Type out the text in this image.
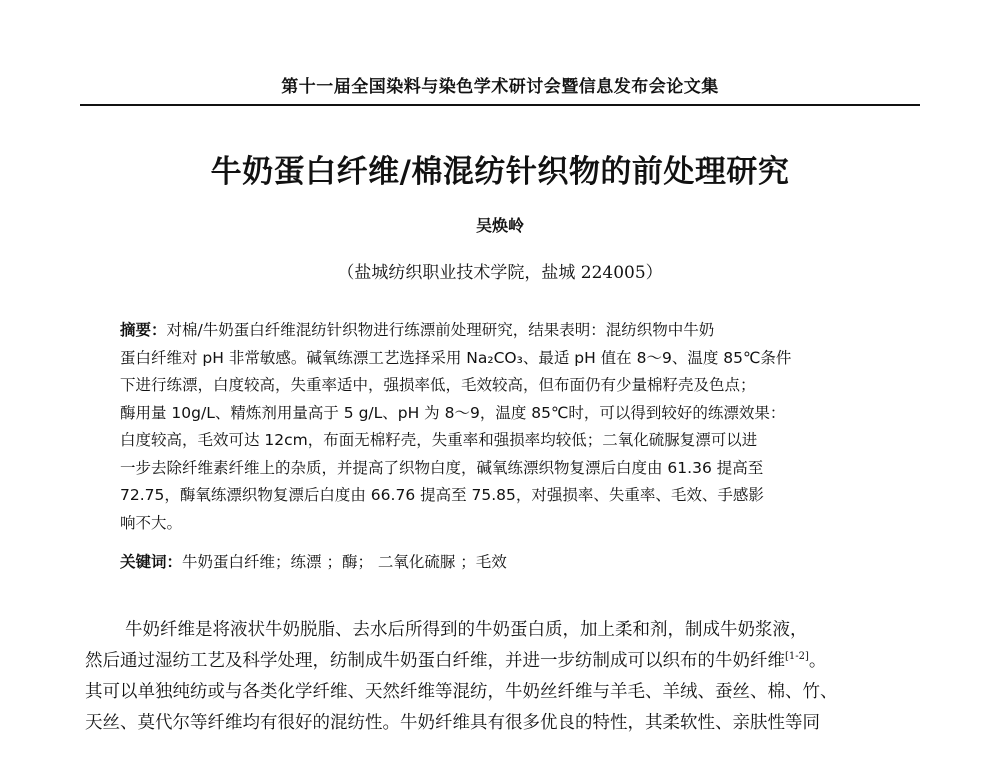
第十一届全国染料与染色学术研讨会暨信息发布会论文集
牛奶蛋白纤维/棉混纺针织物的前处理研究
吴焕岭
（盐城纺织职业技术学院，盐城 224005）
摘要：对棉/牛奶蛋白纤维混纺针织物进行练漂前处理研究，结果表明：混纺织物中牛奶
蛋白纤维对 pH 非常敏感。碱氧练漂工艺选择采用 Na₂CO₃、最适 pH 值在 8～9、温度 85℃条件
下进行练漂，白度较高，失重率适中，强损率低，毛效较高，但布面仍有少量棉籽壳及色点；
酶用量 10g/L、精炼剂用量高于 5 g/L、pH 为 8～9，温度 85℃时，可以得到较好的练漂效果：
白度较高，毛效可达 12cm，布面无棉籽壳，失重率和强损率均较低；二氧化硫脲复漂可以进
一步去除纤维素纤维上的杂质，并提高了织物白度，碱氧练漂织物复漂后白度由 61.36 提高至
72.75，酶氧练漂织物复漂后白度由 66.76 提高至 75.85，对强损率、失重率、毛效、手感影
响不大。
关键词：牛奶蛋白纤维；练漂 ；酶； 二氧化硫脲 ；毛效
牛奶纤维是将液状牛奶脱脂、去水后所得到的牛奶蛋白质，加上柔和剂，制成牛奶浆液，
然后通过湿纺工艺及科学处理，纺制成牛奶蛋白纤维，并进一步纺制成可以织布的牛奶纤维[1-2]。
其可以单独纯纺或与各类化学纤维、天然纤维等混纺，牛奶丝纤维与羊毛、羊绒、蚕丝、棉、竹、
天丝、莫代尔等纤维均有很好的混纺性。牛奶纤维具有很多优良的特性，其柔软性、亲肤性等同
